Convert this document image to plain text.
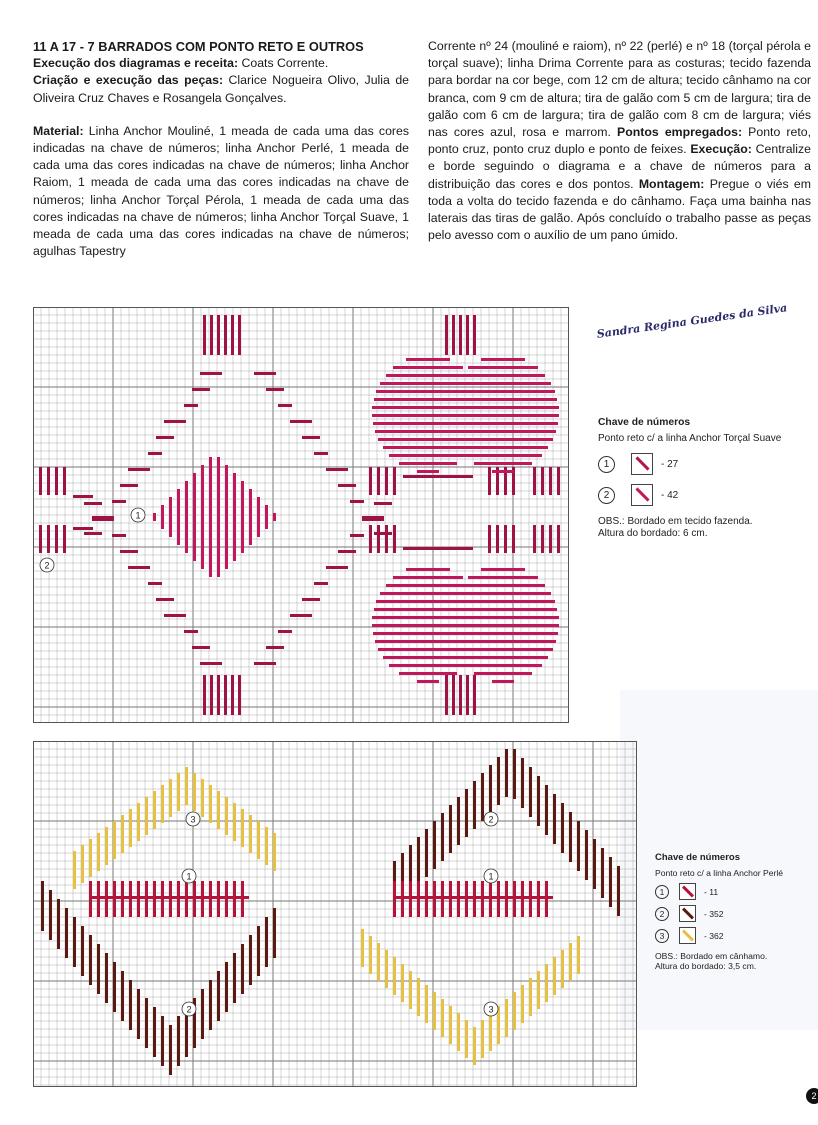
11 A 17 - 7 BARRADOS COM PONTO RETO E OUTROS

Execução dos diagramas e receita: Coats Corrente.

Criação e execução das peças: Clarice Nogueira Olivo, Julia de Oliveira Cruz Chaves e Rosangela Gonçalves.

Material: Linha Anchor Mouliné, 1 meada de cada uma das cores indicadas na chave de números; linha Anchor Perlé, 1 meada de cada uma das cores indicadas na chave de números; linha Anchor Raiom, 1 meada de cada uma das cores indicadas na chave de números; linha Anchor Torçal Pérola, 1 meada de cada uma das cores indicadas na chave de números; linha Anchor Torçal Suave, 1 meada de cada uma das cores indicadas na chave de números; agulhas Tapestry

Corrente nº 24 (mouliné e raiom), nº 22 (perlé) e nº 18 (torçal pérola e torçal suave); linha Drima Corrente para as costuras; tecido fazenda para bordar na cor bege, com 12 cm de altura; tecido cânhamo na cor branca, com 9 cm de altura; tira de galão com 5 cm de largura; tira de galão com 6 cm de largura; tira de galão com 8 cm de largura; viés nas cores azul, rosa e marrom. Pontos empregados: Ponto reto, ponto cruz, ponto cruz duplo e ponto de feixes. Execução: Centralize e borde seguindo o diagrama e a chave de números para a distribuição das cores e dos pontos. Montagem: Pregue o viés em toda a volta do tecido fazenda e do cânhamo. Faça uma bainha nas laterais das tiras de galão. Após concluído o trabalho passe as peças pelo avesso com o auxílio de um pano úmido.

1
2
Sandra Regina Guedes da Silva
Chave de números
Ponto reto c/ a linha Anchor Torçal Suave
1	- 27
2	- 42
OBS.: Bordado em tecido fazenda.
Altura do bordado: 6 cm.
3
1
2
2
1
3
Chave de números
Ponto reto c/ a linha Anchor Perlé
1	- 11
2	- 352
3	- 362
OBS.: Bordado em cânhamo.
Altura do bordado: 3,5 cm.
2
